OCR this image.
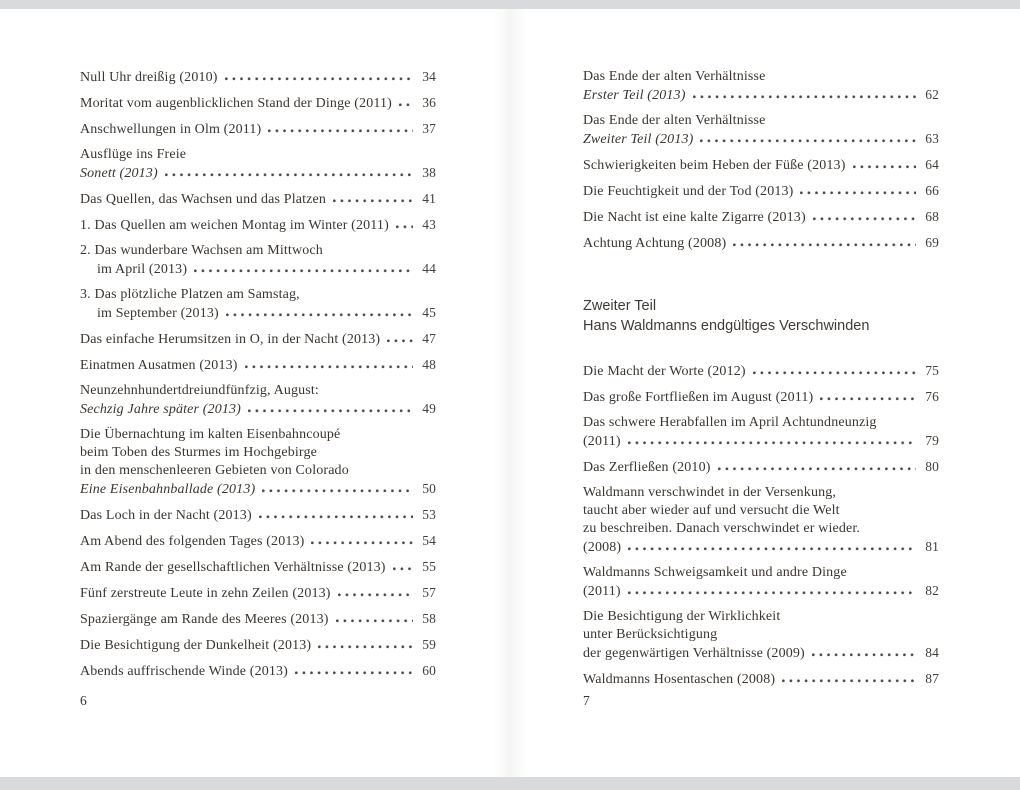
Null Uhr dreißig (2010)	34
Moritat vom augenblicklichen Stand der Dinge (2011)	36
Anschwellungen in Olm (2011)	37
Ausflüge ins Freie
Sonett (2013)	38
Das Quellen, das Wachsen und das Platzen	41
1. Das Quellen am weichen Montag im Winter (2011)	43
2. Das wunderbare Wachsen am Mittwoch
im April (2013)	44
3. Das plötzliche Platzen am Samstag,
im September (2013)	45
Das einfache Herumsitzen in O, in der Nacht (2013)	47
Einatmen Ausatmen (2013)	48
Neunzehnhundertdreiundfünfzig, August:
Sechzig Jahre später (2013)	49
Die Übernachtung im kalten Eisenbahncoupé
beim Toben des Sturmes im Hochgebirge
in den menschenleeren Gebieten von Colorado
Eine Eisenbahnballade (2013)	50
Das Loch in der Nacht (2013)	53
Am Abend des folgenden Tages (2013)	54
Am Rande der gesellschaftlichen Verhältnisse (2013)	55
Fünf zerstreute Leute in zehn Zeilen (2013)	57
Spaziergänge am Rande des Meeres (2013)	58
Die Besichtigung der Dunkelheit (2013)	59
Abends auffrischende Winde (2013)	60
6
Das Ende der alten Verhältnisse
Erster Teil (2013)	62
Das Ende der alten Verhältnisse
Zweiter Teil (2013)	63
Schwierigkeiten beim Heben der Füße (2013)	64
Die Feuchtigkeit und der Tod (2013)	66
Die Nacht ist eine kalte Zigarre (2013)	68
Achtung Achtung (2008)	69
Zweiter Teil
Hans Waldmanns endgültiges Verschwinden
Die Macht der Worte (2012)	75
Das große Fortfließen im August (2011)	76
Das schwere Herabfallen im April Achtundneunzig
(2011)	79
Das Zerfließen (2010)	80
Waldmann verschwindet in der Versenkung,
taucht aber wieder auf und versucht die Welt
zu beschreiben. Danach verschwindet er wieder.
(2008)	81
Waldmanns Schweigsamkeit und andre Dinge
(2011)	82
Die Besichtigung der Wirklichkeit
unter Berücksichtigung
der gegenwärtigen Verhältnisse (2009)	84
Waldmanns Hosentaschen (2008)	87
7
